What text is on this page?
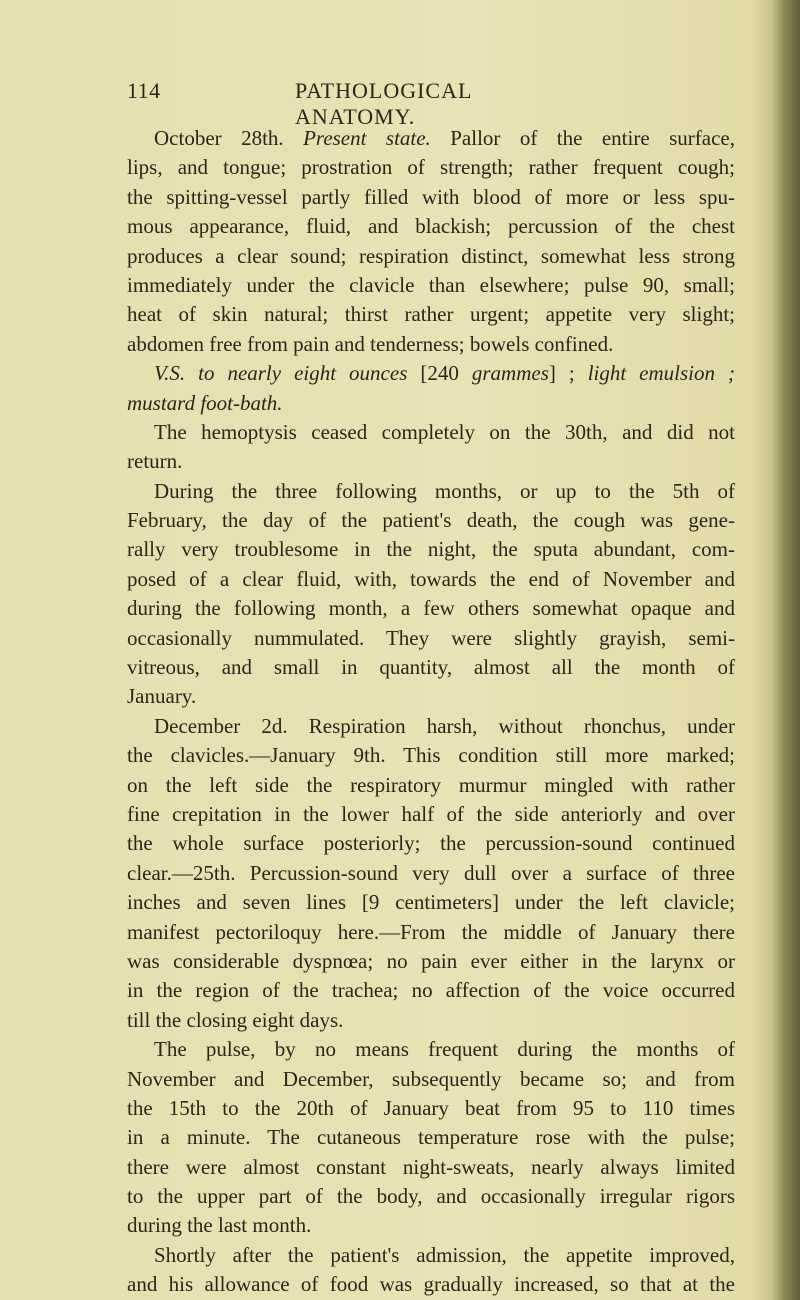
114	PATHOLOGICAL ANATOMY.
October 28th. Present state. Pallor of the entire surface,
lips, and tongue; prostration of strength; rather frequent cough;
the spitting-vessel partly filled with blood of more or less spu-
mous appearance, fluid, and blackish; percussion of the chest
produces a clear sound; respiration distinct, somewhat less strong
immediately under the clavicle than elsewhere; pulse 90, small;
heat of skin natural; thirst rather urgent; appetite very slight;
abdomen free from pain and tenderness; bowels confined.
V.S. to nearly eight ounces [240 grammes] ; light emulsion ;
mustard foot-bath.
The hemoptysis ceased completely on the 30th, and did not
return.
During the three following months, or up to the 5th of
February, the day of the patient's death, the cough was gene-
rally very troublesome in the night, the sputa abundant, com-
posed of a clear fluid, with, towards the end of November and
during the following month, a few others somewhat opaque and
occasionally nummulated. They were slightly grayish, semi-
vitreous, and small in quantity, almost all the month of
January.
December 2d. Respiration harsh, without rhonchus, under
the clavicles.—January 9th. This condition still more marked;
on the left side the respiratory murmur mingled with rather
fine crepitation in the lower half of the side anteriorly and over
the whole surface posteriorly; the percussion-sound continued
clear.—25th. Percussion-sound very dull over a surface of three
inches and seven lines [9 centimeters] under the left clavicle;
manifest pectoriloquy here.—From the middle of January there
was considerable dyspnœa; no pain ever either in the larynx or
in the region of the trachea; no affection of the voice occurred
till the closing eight days.
The pulse, by no means frequent during the months of
November and December, subsequently became so; and from
the 15th to the 20th of January beat from 95 to 110 times
in a minute. The cutaneous temperature rose with the pulse;
there were almost constant night-sweats, nearly always limited
to the upper part of the body, and occasionally irregular rigors
during the last month.
Shortly after the patient's admission, the appetite improved,
and his allowance of food was gradually increased, so that at the
